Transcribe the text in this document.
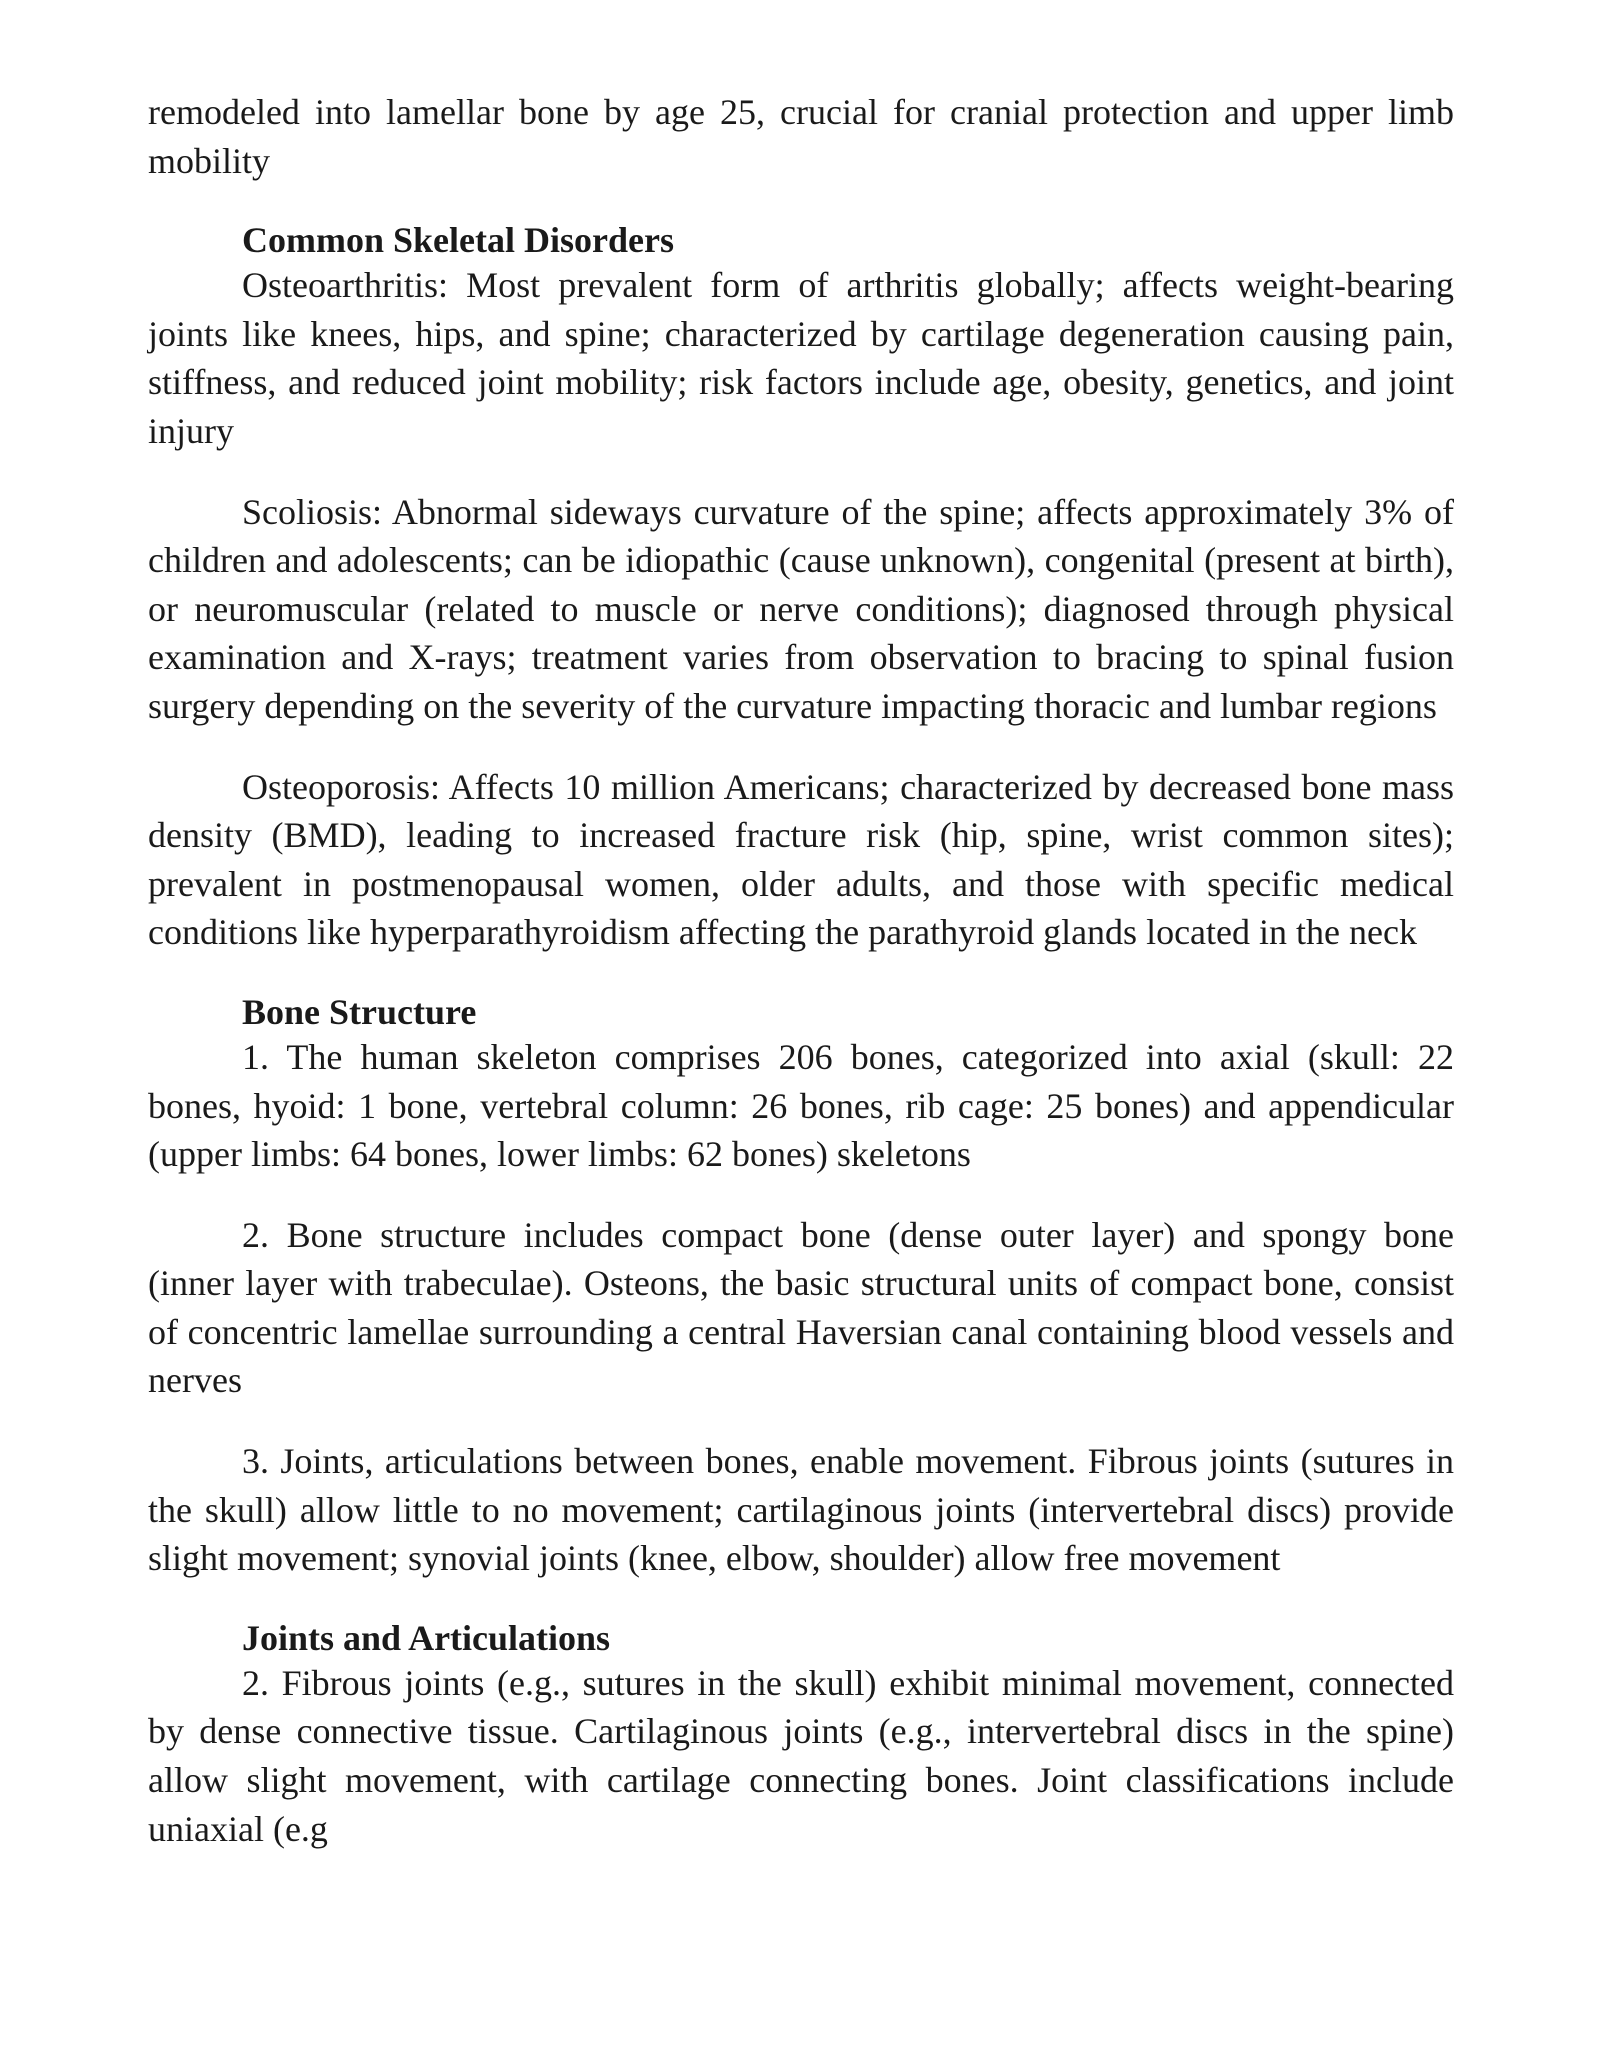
remodeled into lamellar bone by age 25, crucial for cranial protection and upper limb mobility

Common Skeletal Disorders

Osteoarthritis: Most prevalent form of arthritis globally; affects weight-bearing joints like knees, hips, and spine; characterized by cartilage degeneration causing pain, stiffness, and reduced joint mobility; risk factors include age, obesity, genetics, and joint injury

Scoliosis: Abnormal sideways curvature of the spine; affects approximately 3% of children and adolescents; can be idiopathic (cause unknown), congenital (present at birth), or neuromuscular (related to muscle or nerve conditions); diagnosed through physical examination and X-rays; treatment varies from observation to bracing to spinal fusion surgery depending on the severity of the curvature impacting thoracic and lumbar regions

Osteoporosis: Affects 10 million Americans; characterized by decreased bone mass density (BMD), leading to increased fracture risk (hip, spine, wrist common sites); prevalent in postmenopausal women, older adults, and those with specific medical conditions like hyperparathyroidism affecting the parathyroid glands located in the neck

Bone Structure

1. The human skeleton comprises 206 bones, categorized into axial (skull: 22 bones, hyoid: 1 bone, vertebral column: 26 bones, rib cage: 25 bones) and appendicular (upper limbs: 64 bones, lower limbs: 62 bones) skeletons

2. Bone structure includes compact bone (dense outer layer) and spongy bone (inner layer with trabeculae). Osteons, the basic structural units of compact bone, consist of concentric lamellae surrounding a central Haversian canal containing blood vessels and nerves

3. Joints, articulations between bones, enable movement. Fibrous joints (sutures in the skull) allow little to no movement; cartilaginous joints (intervertebral discs) provide slight movement; synovial joints (knee, elbow, shoulder) allow free movement

Joints and Articulations

2. Fibrous joints (e.g., sutures in the skull) exhibit minimal movement, connected by dense connective tissue. Cartilaginous joints (e.g., intervertebral discs in the spine) allow slight movement, with cartilage connecting bones. Joint classifications include uniaxial (e.g
